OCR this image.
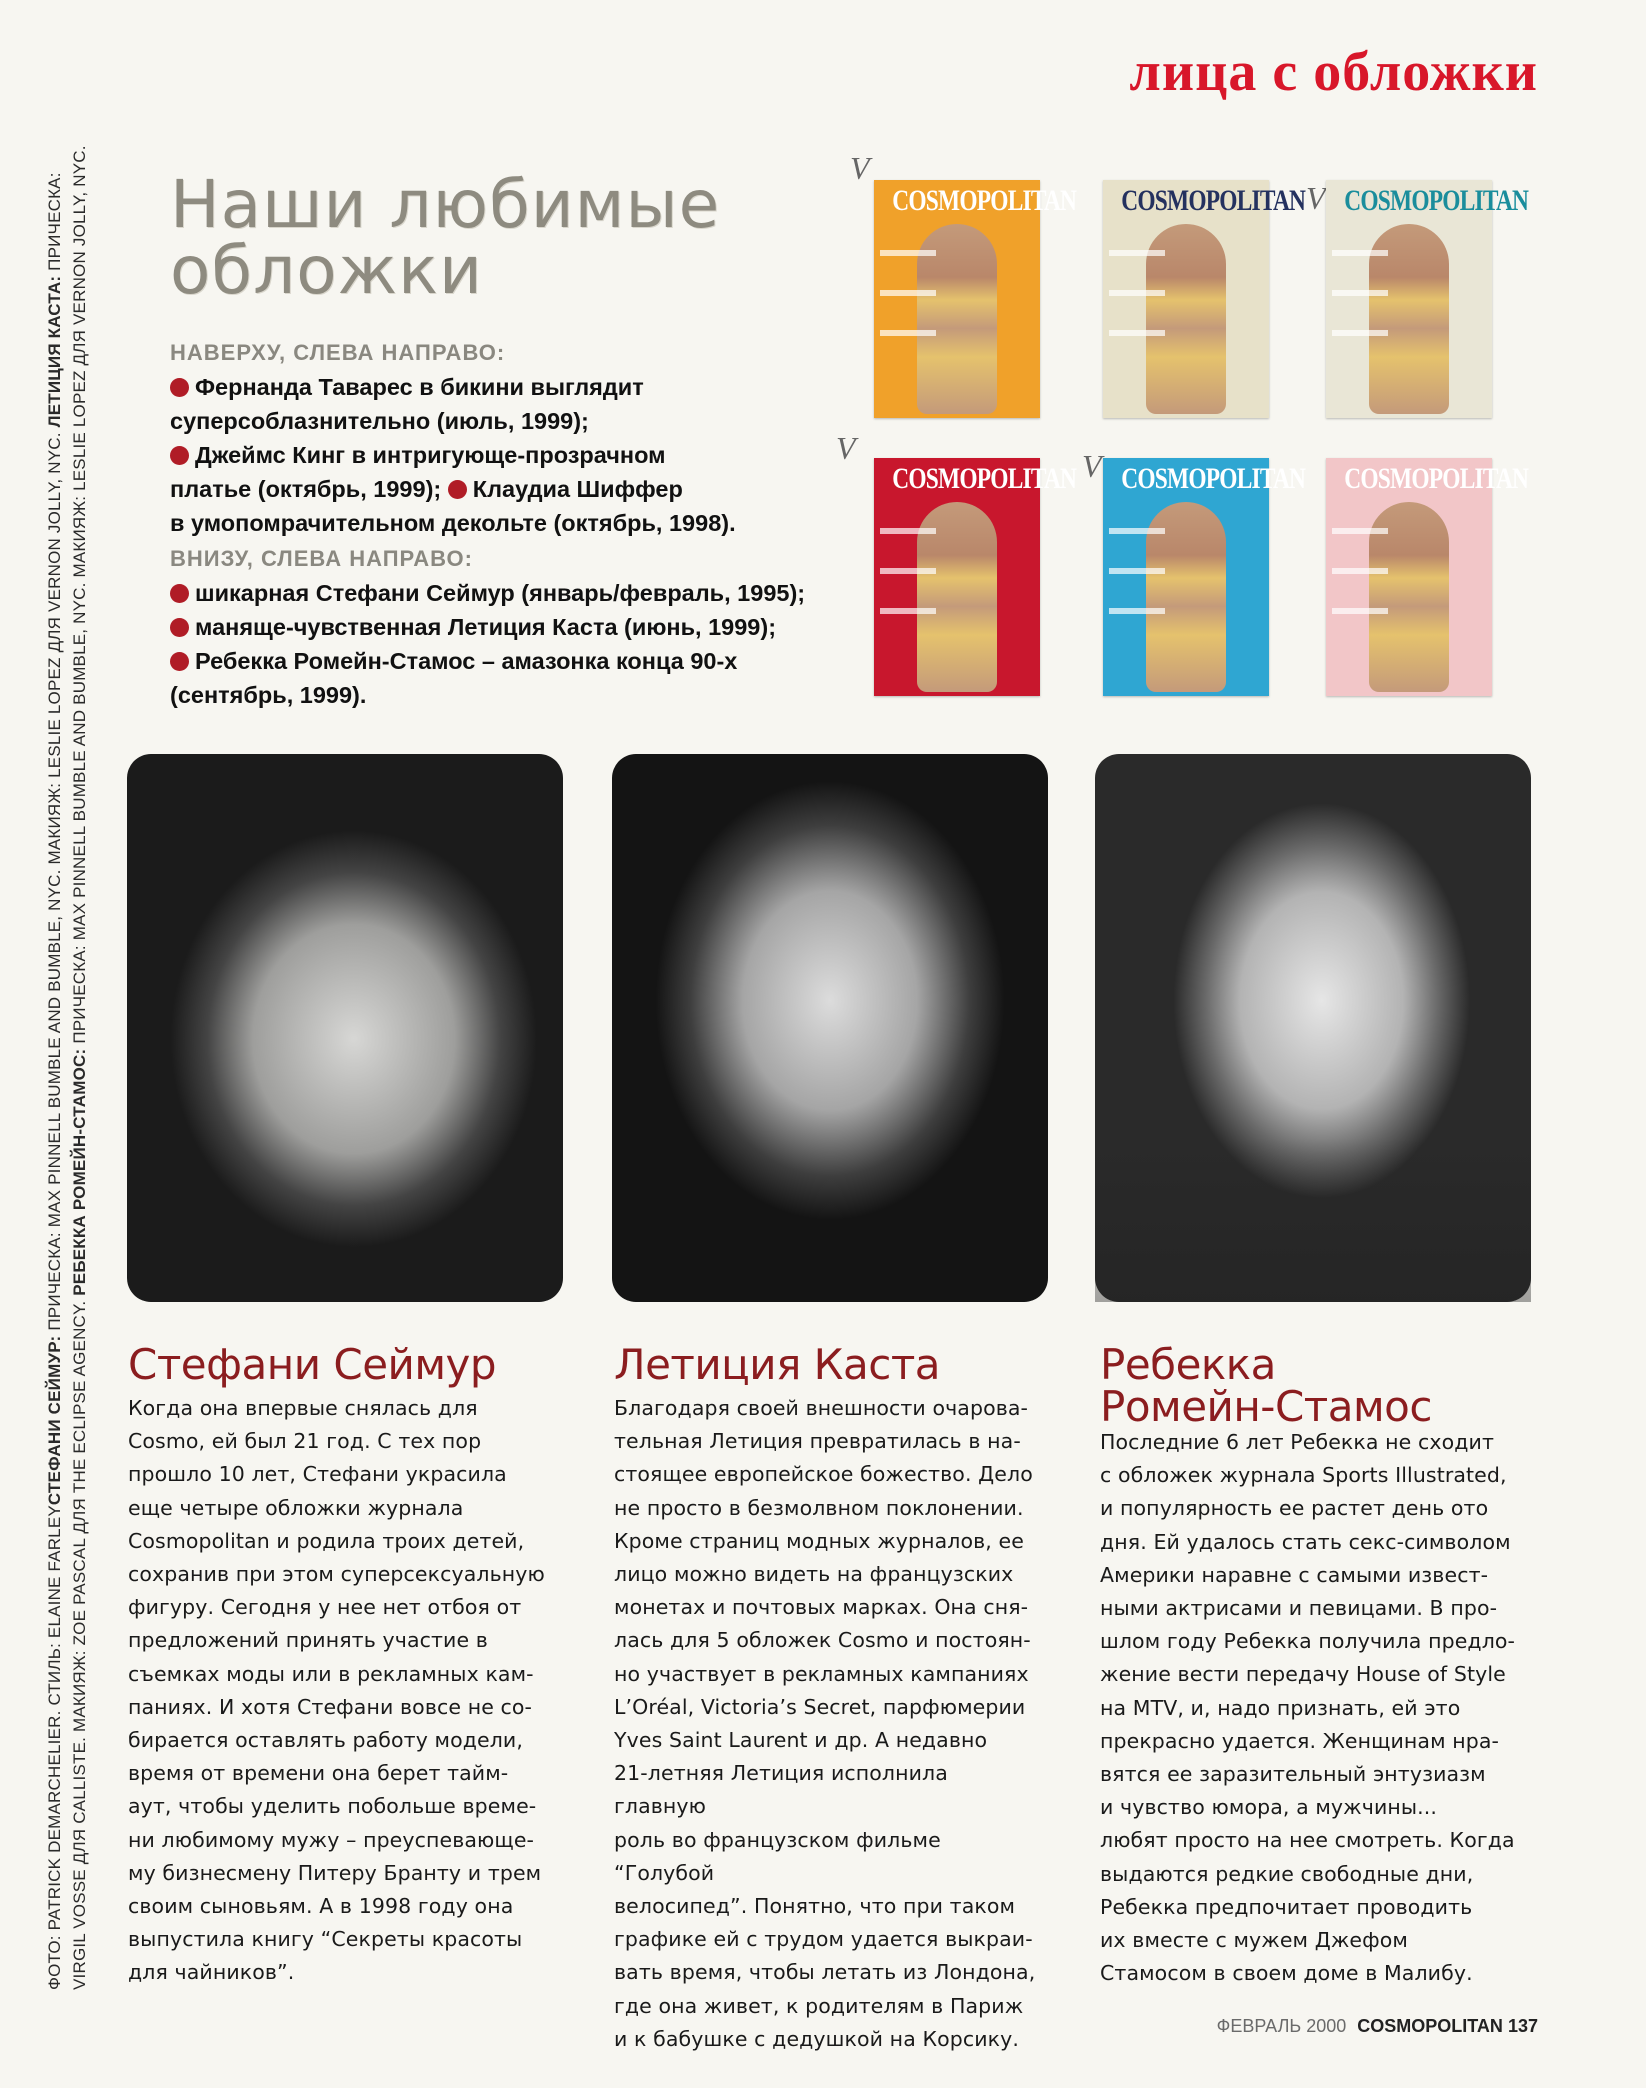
лица с обложки
ФОТО: PATRICK DEMARCHELIER. СТИЛЬ: ELAINE FARLEYСТЕФАНИ СЕЙМУР: ПРИЧЕСКА: MAX PINNELL BUMBLE AND BUMBLE, NYC. МАКИЯЖ: LESLIE LOPEZ ДЛЯ VERNON JOLLY, NYC. ЛЕТИЦИЯ КАСТА: ПРИЧЕСКА:
VIRGIL VOSSE ДЛЯ CALLISTE. МАКИЯЖ: ZOE PASCAL ДЛЯ THE ECLIPSE AGENCY. РЕБЕККА РОМЕЙН-СТАМОС: ПРИЧЕСКА: MAX PINNELL BUMBLE AND BUMBLE, NYC. МАКИЯЖ: LESLIE LOPEZ ДЛЯ VERNON JOLLY, NYC. Наши любимые
обложки
НАВЕРХУ, СЛЕВА НАПРАВО:
Фернанда Таварес в бикини выглядит
суперсоблазнительно (июль, 1999);
Джеймс Кинг в интригующе-прозрачном
платье (октябрь, 1999); Клаудиа Шиффер
в умопомрачительном декольте (октябрь, 1998).
ВНИЗУ, СЛЕВА НАПРАВО:
шикарная Стефани Сеймур (январь/февраль, 1995);
маняще-чувственная Летиция Каста (июнь, 1999);
Ребекка Ромейн-Стамос – амазонка конца 90-х
(сентябрь, 1999).
V
V
V	V
COSMOPOLITAN COSMOPOLITAN COSMOPOLITAN
COSMOPOLITAN COSMOPOLITAN COSMOPOLITAN
Стефани Сеймур
Когда она впервые снялась для
Cosmo, ей был 21 год. С тех пор
прошло 10 лет, Стефани украсила
еще четыре обложки журнала
Cosmopolitan и родила троих детей,
сохранив при этом суперсексуальную
фигуру. Сегодня у нее нет отбоя от
предложений принять участие в
съемках моды или в рекламных кам-
паниях. И хотя Стефани вовсе не со-
бирается оставлять работу модели,
время от времени она берет тайм-
аут, чтобы уделить побольше време-
ни любимому мужу – преуспевающе-
му бизнесмену Питеру Бранту и трем
своим сыновьям. А в 1998 году она
выпустила книгу “Секреты красоты
для чайников”.
Летиция Каста
Благодаря своей внешности очарова-
тельная Летиция превратилась в на-
стоящее европейское божество. Дело
не просто в безмолвном поклонении.
Кроме страниц модных журналов, ее
лицо можно видеть на французских
монетах и почтовых марках. Она сня-
лась для 5 обложек Cosmo и постоян-
но участвует в рекламных кампаниях
L’Oréal, Victoria’s Secret, парфюмерии
Yves Saint Laurent и др. А недавно
21-летняя Летиция исполнила главную
роль во французском фильме “Голубой
велосипед”. Понятно, что при таком
графике ей с трудом удается выкраи-
вать время, чтобы летать из Лондона,
где она живет, к родителям в Париж
и к бабушке с дедушкой на Корсику.
Ребекка
Ромейн-Стамос
Последние 6 лет Ребекка не сходит
с обложек журнала Sports Illustrated,
и популярность ее растет день ото
дня. Ей удалось стать секс-символом
Америки наравне с самыми извест-
ными актрисами и певицами. В про-
шлом году Ребекка получила предло-
жение вести передачу House of Style
на MTV, и, надо признать, ей это
прекрасно удается. Женщинам нра-
вятся ее заразительный энтузиазм
и чувство юмора, а мужчины...
любят просто на нее смотреть. Когда
выдаются редкие свободные дни,
Ребекка предпочитает проводить
их вместе с мужем Джефом
Стамосом в своем доме в Малибу.
ФЕВРАЛЬ 2000 COSMOPOLITAN 137
